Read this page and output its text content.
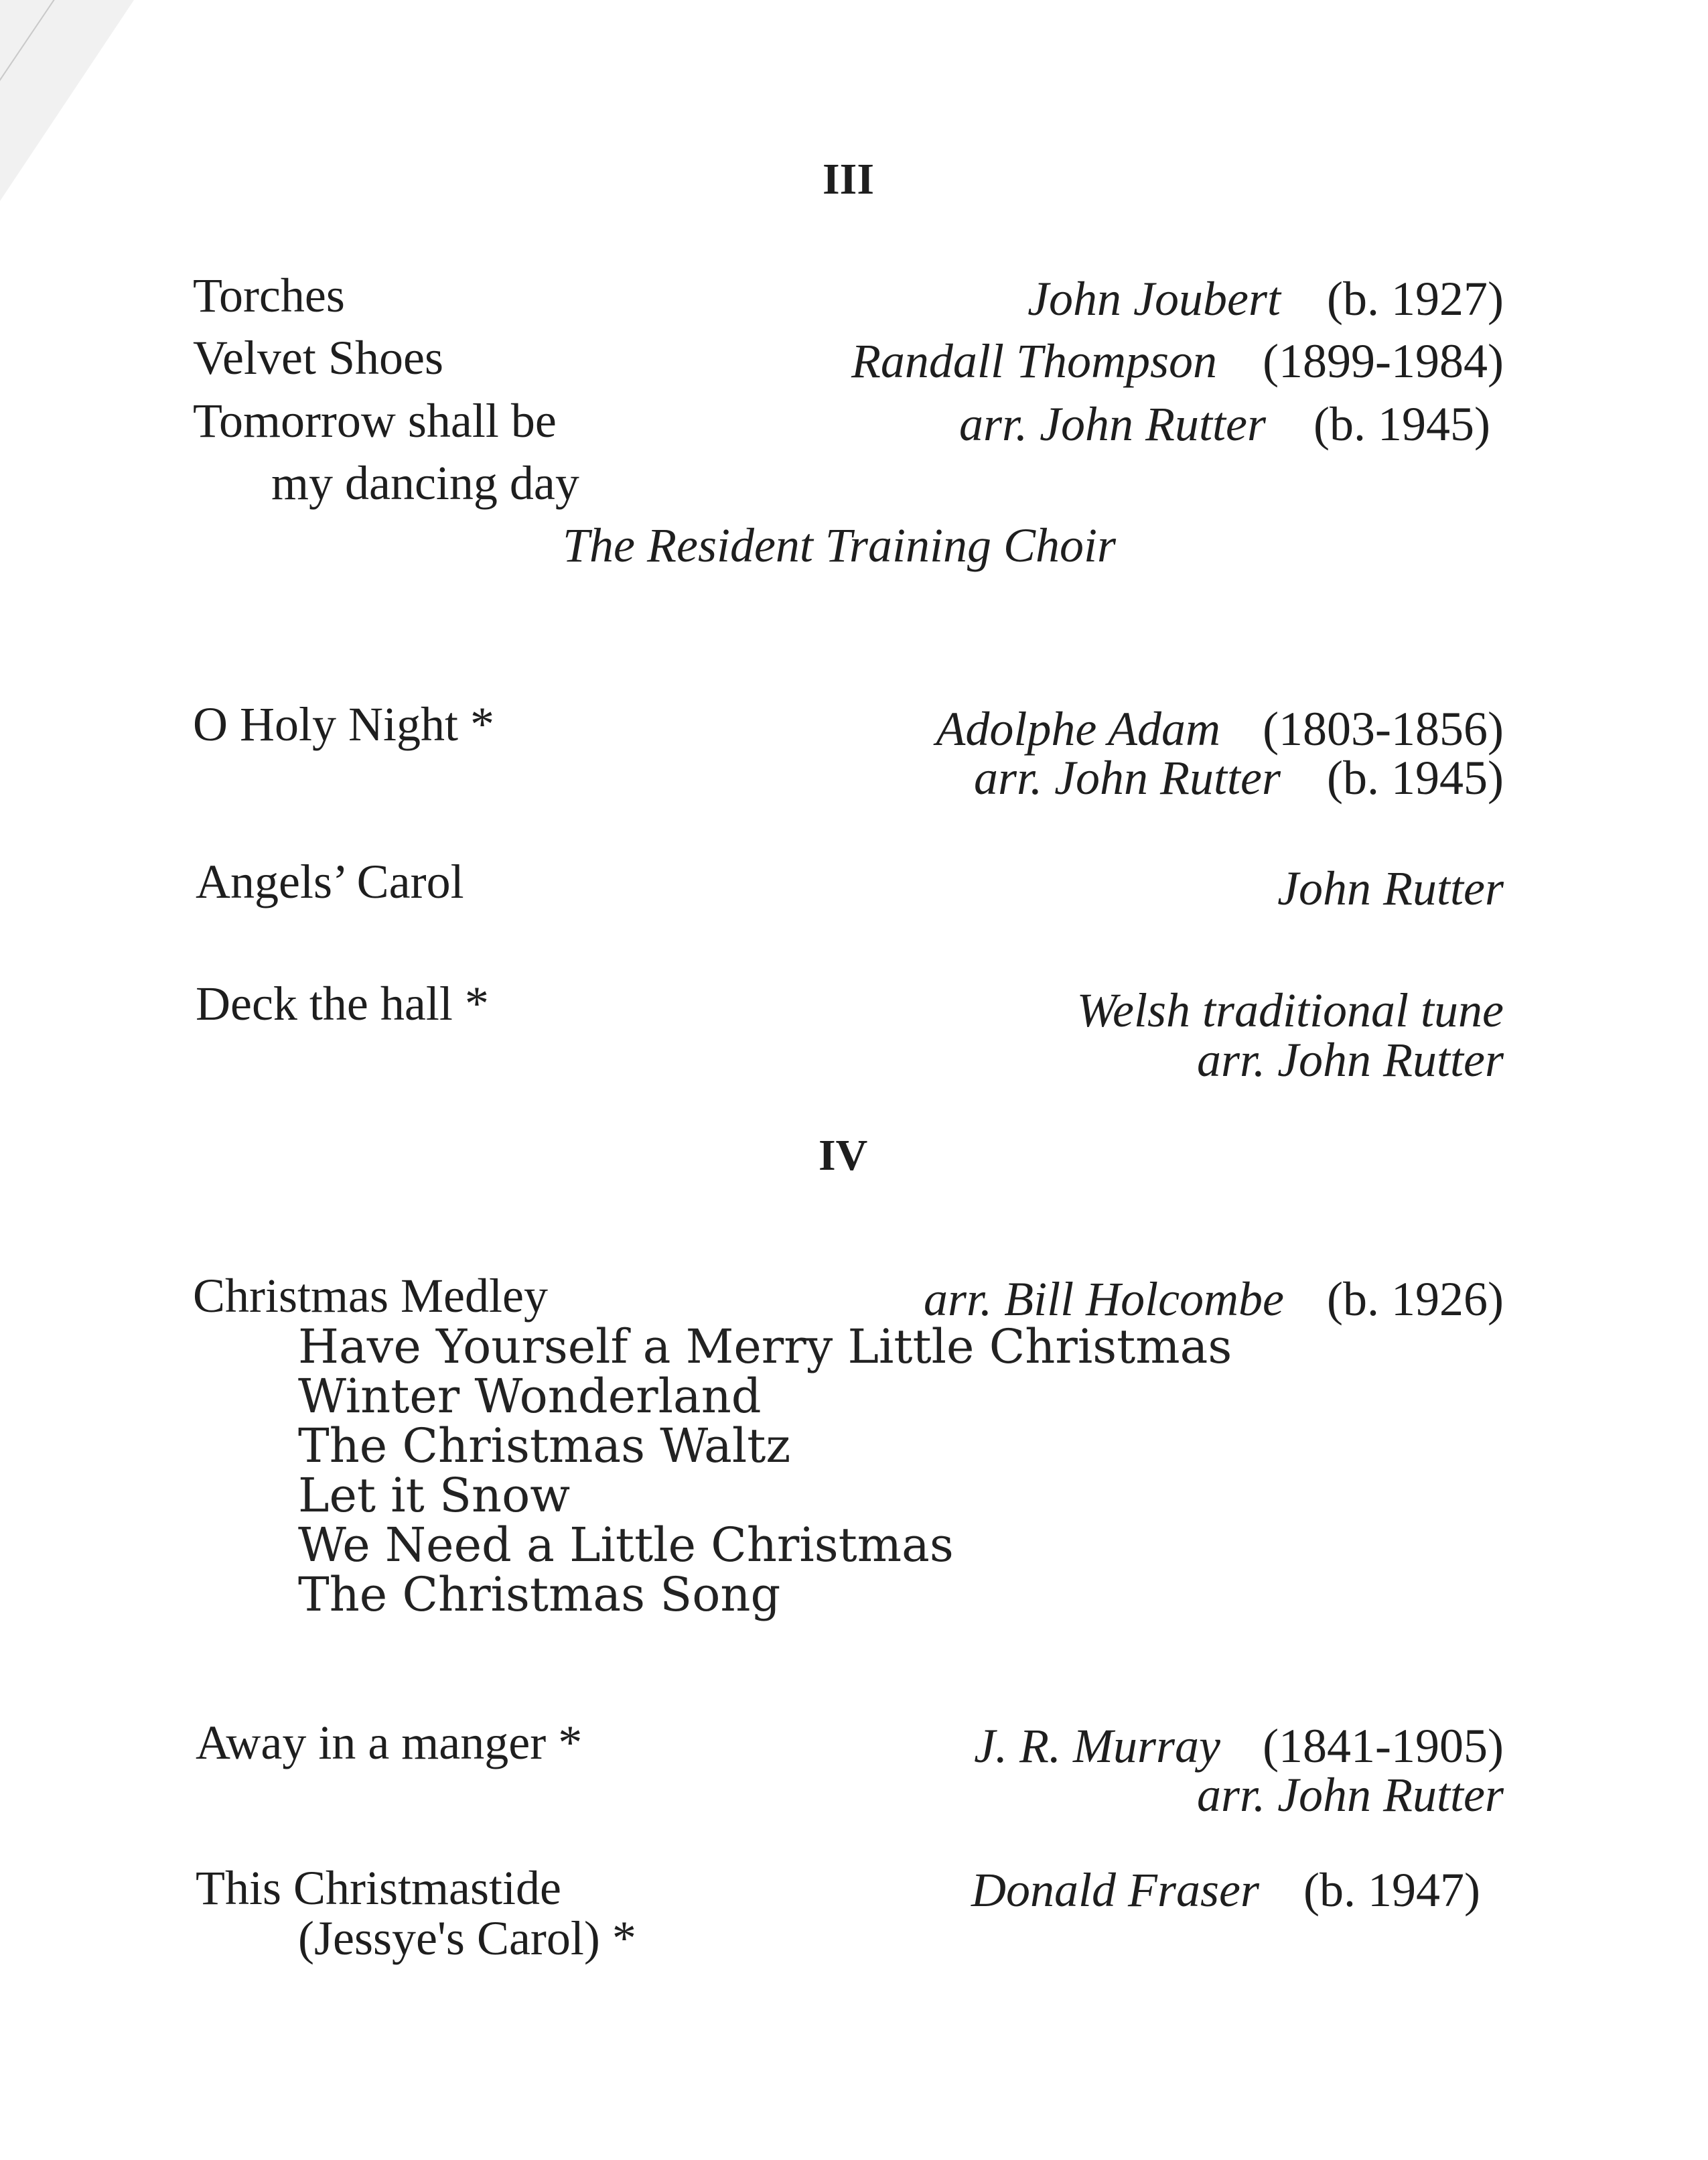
III
Torches	John Joubert (b. 1927)
Velvet Shoes	Randall Thompson (1899-1984)
Tomorrow shall be	arr. John Rutter (b. 1945)
my dancing day
The Resident Training Choir
O Holy Night *	Adolphe Adam (1803-1856)
arr. John Rutter (b. 1945)
Angels’ Carol	John Rutter
Deck the hall *	Welsh traditional tune
arr. John Rutter
IV
Christmas Medley	arr. Bill Holcombe (b. 1926)
Have Yourself a Merry Little Christmas
Winter Wonderland
The Christmas Waltz
Let it Snow
We Need a Little Christmas
The Christmas Song
Away in a manger *	J. R. Murray (1841-1905)
arr. John Rutter
This Christmastide	Donald Fraser (b. 1947)
(Jessye's Carol) *
